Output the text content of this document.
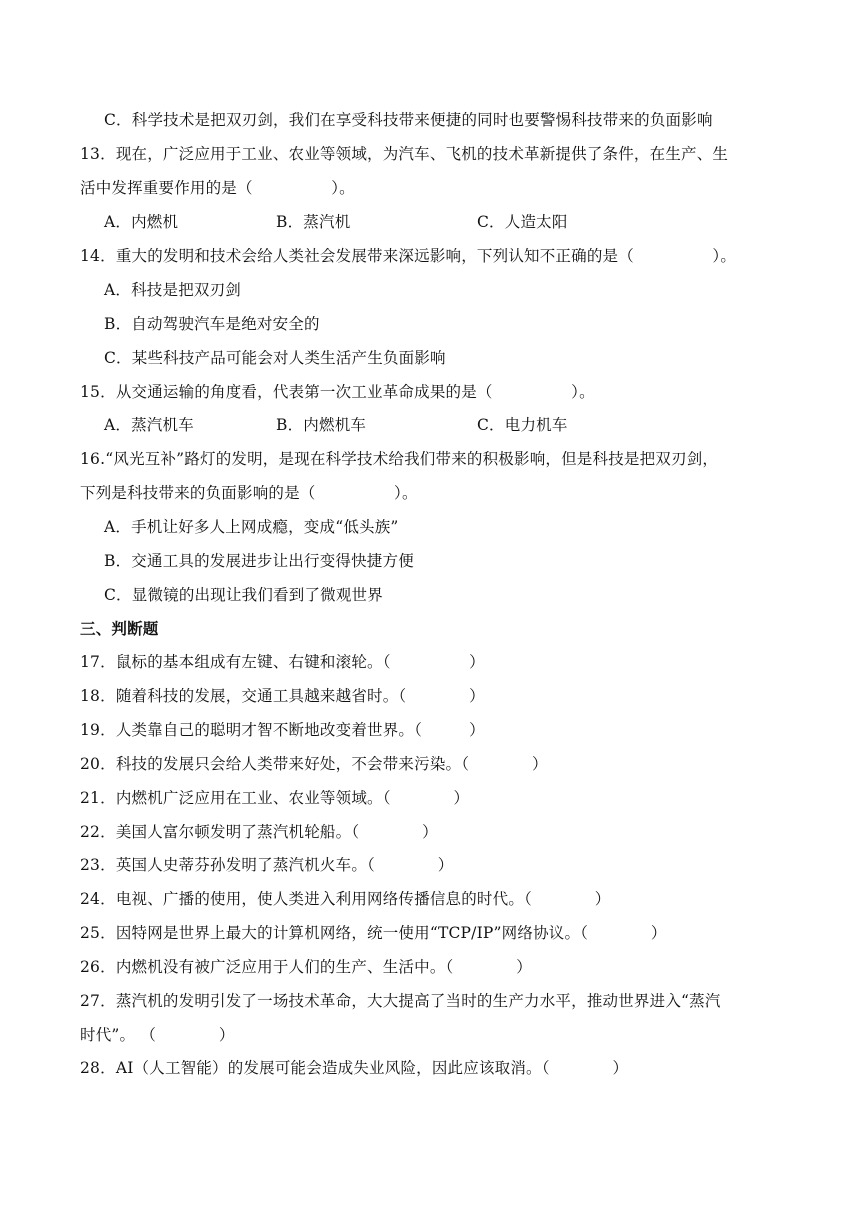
C．科学技术是把双刃剑，我们在享受科技带来便捷的同时也要警惕科技带来的负面影响
13．现在，广泛应用于工业、农业等领域，为汽车、飞机的技术革新提供了条件，在生产、生
活中发挥重要作用的是（　　　　　）。
A．内燃机	B．蒸汽机	C．人造太阳
14．重大的发明和技术会给人类社会发展带来深远影响，下列认知不正确的是（　　　　　）。
A．科技是把双刃剑
B．自动驾驶汽车是绝对安全的
C．某些科技产品可能会对人类生活产生负面影响
15．从交通运输的角度看，代表第一次工业革命成果的是（　　　　　）。
A．蒸汽机车	B．内燃机车	C．电力机车
16.“风光互补”路灯的发明，是现在科学技术给我们带来的积极影响，但是科技是把双刃剑，
下列是科技带来的负面影响的是（　　　　　）。
A．手机让好多人上网成瘾，变成“低头族”
B．交通工具的发展进步让出行变得快捷方便
C．显微镜的出现让我们看到了微观世界
三、判断题
17．鼠标的基本组成有左键、右键和滚轮。（　　　　　）
18．随着科技的发展，交通工具越来越省时。（　　　　）
19．人类靠自己的聪明才智不断地改变着世界。（　　　）
20．科技的发展只会给人类带来好处，不会带来污染。（　　　　）
21．内燃机广泛应用在工业、农业等领域。（　　　　）
22．美国人富尔顿发明了蒸汽机轮船。（　　　　）
23．英国人史蒂芬孙发明了蒸汽机火车。（　　　　）
24．电视、广播的使用，使人类进入利用网络传播信息的时代。（　　　　）
25．因特网是世界上最大的计算机网络，统一使用“TCP/IP”网络协议。（　　　　）
26．内燃机没有被广泛应用于人们的生产、生活中。（　　　　）
27．蒸汽机的发明引发了一场技术革命，大大提高了当时的生产力水平，推动世界进入“蒸汽
时代”。 （　　　　）
28．AI（人工智能）的发展可能会造成失业风险，因此应该取消。（　　　　）
